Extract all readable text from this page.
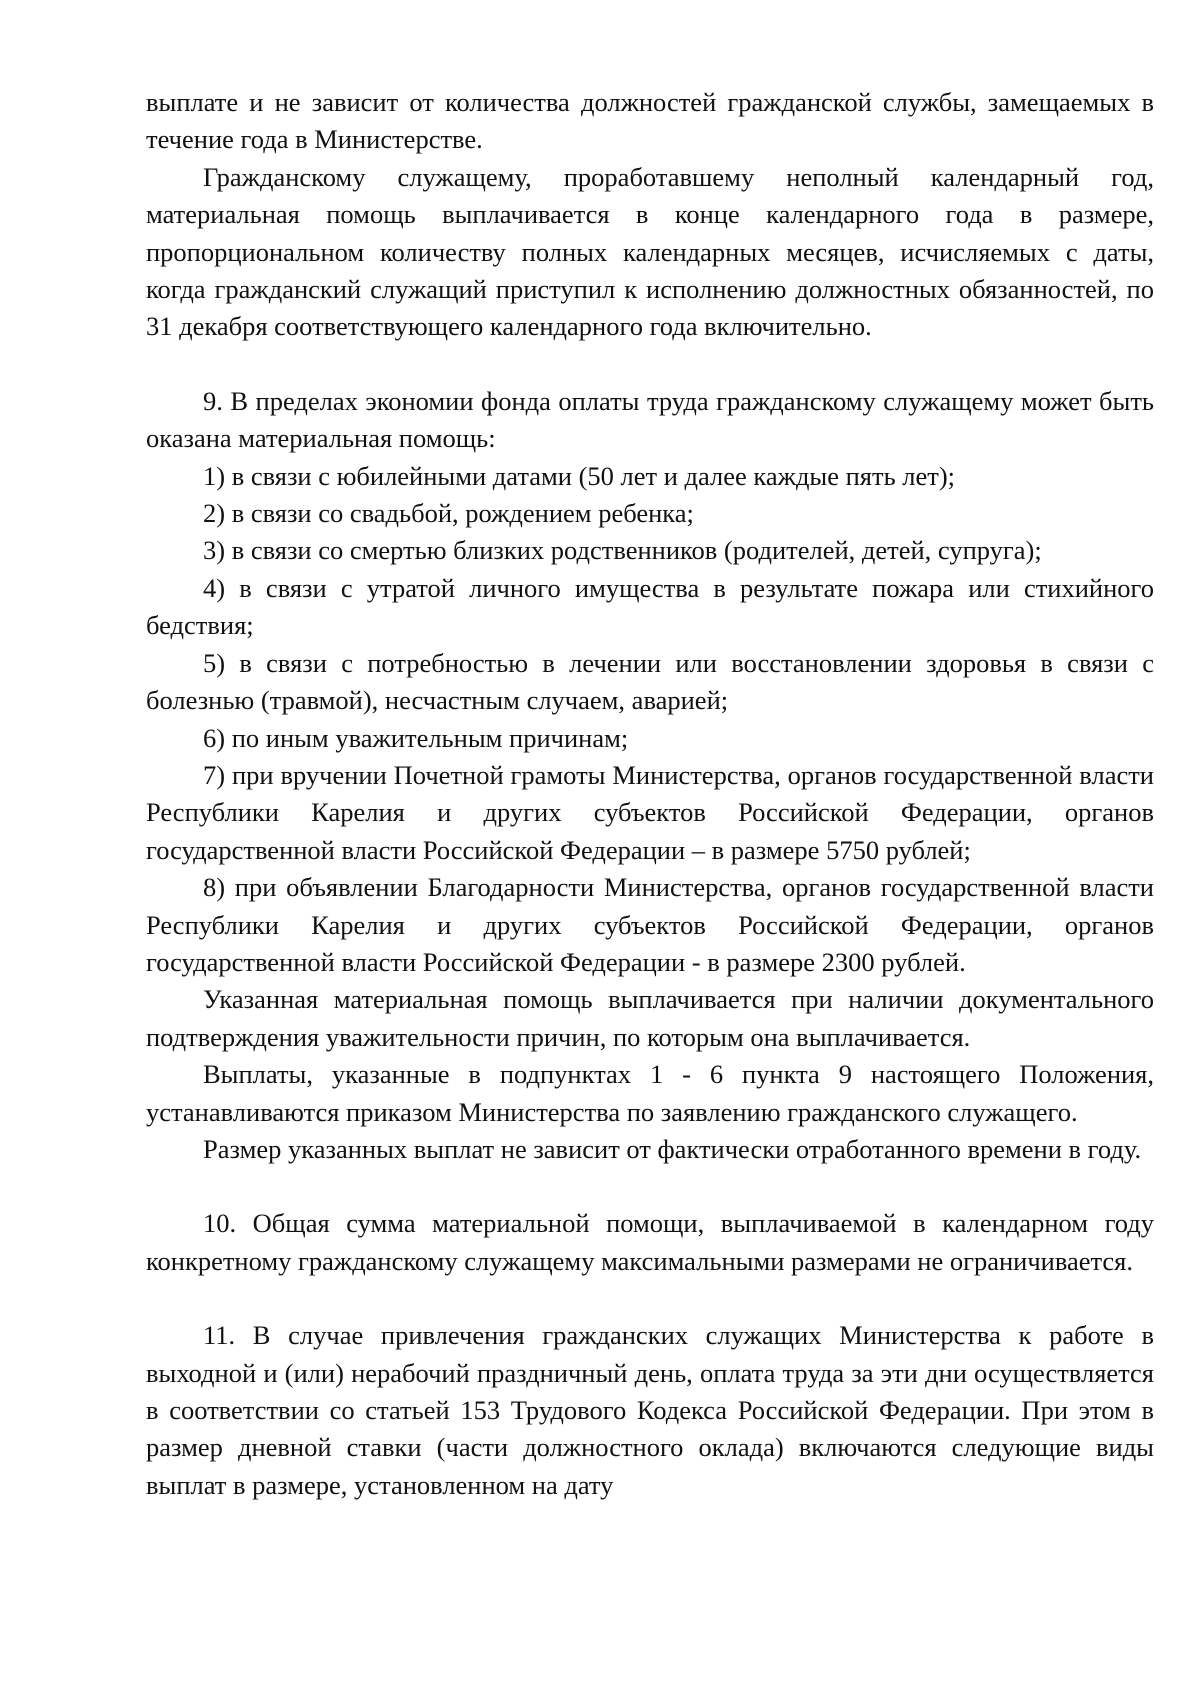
выплате и не зависит от количества должностей гражданской службы, замещаемых в течение года в Министерстве.

Гражданскому служащему, проработавшему неполный календарный год, материальная помощь выплачивается в конце календарного года в размере, пропорциональном количеству полных календарных месяцев, исчисляемых с даты, когда гражданский служащий приступил к исполнению должностных обязанностей, по 31 декабря соответствующего календарного года включительно.

9. В пределах экономии фонда оплаты труда гражданскому служащему может быть оказана материальная помощь:

1) в связи с юбилейными датами (50 лет и далее каждые пять лет);

2) в связи со свадьбой, рождением ребенка;

3) в связи со смертью близких родственников (родителей, детей, супруга);

4) в связи с утратой личного имущества в результате пожара или стихийного бедствия;

5) в связи с потребностью в лечении или восстановлении здоровья в связи с болезнью (травмой), несчастным случаем, аварией;

6) по иным уважительным причинам;

7) при вручении Почетной грамоты Министерства, органов государственной власти Республики Карелия и других субъектов Российской Федерации, органов государственной власти Российской Федерации – в размере 5750 рублей;

8) при объявлении Благодарности Министерства, органов государственной власти Республики Карелия и других субъектов Российской Федерации, органов государственной власти Российской Федерации - в размере 2300 рублей.

Указанная материальная помощь выплачивается при наличии документального подтверждения уважительности причин, по которым она выплачивается.

Выплаты, указанные в подпунктах 1 - 6 пункта 9 настоящего Положения, устанавливаются приказом Министерства по заявлению гражданского служащего.

Размер указанных выплат не зависит от фактически отработанного времени в году.

10. Общая сумма материальной помощи, выплачиваемой в календарном году конкретному гражданскому служащему максимальными размерами не ограничивается.

11. В случае привлечения гражданских служащих Министерства к работе в выходной и (или) нерабочий праздничный день, оплата труда за эти дни осуществляется в соответствии со статьей 153 Трудового Кодекса Российской Федерации. При этом в размер дневной ставки (части должностного оклада) включаются следующие виды выплат в размере, установленном на дату
